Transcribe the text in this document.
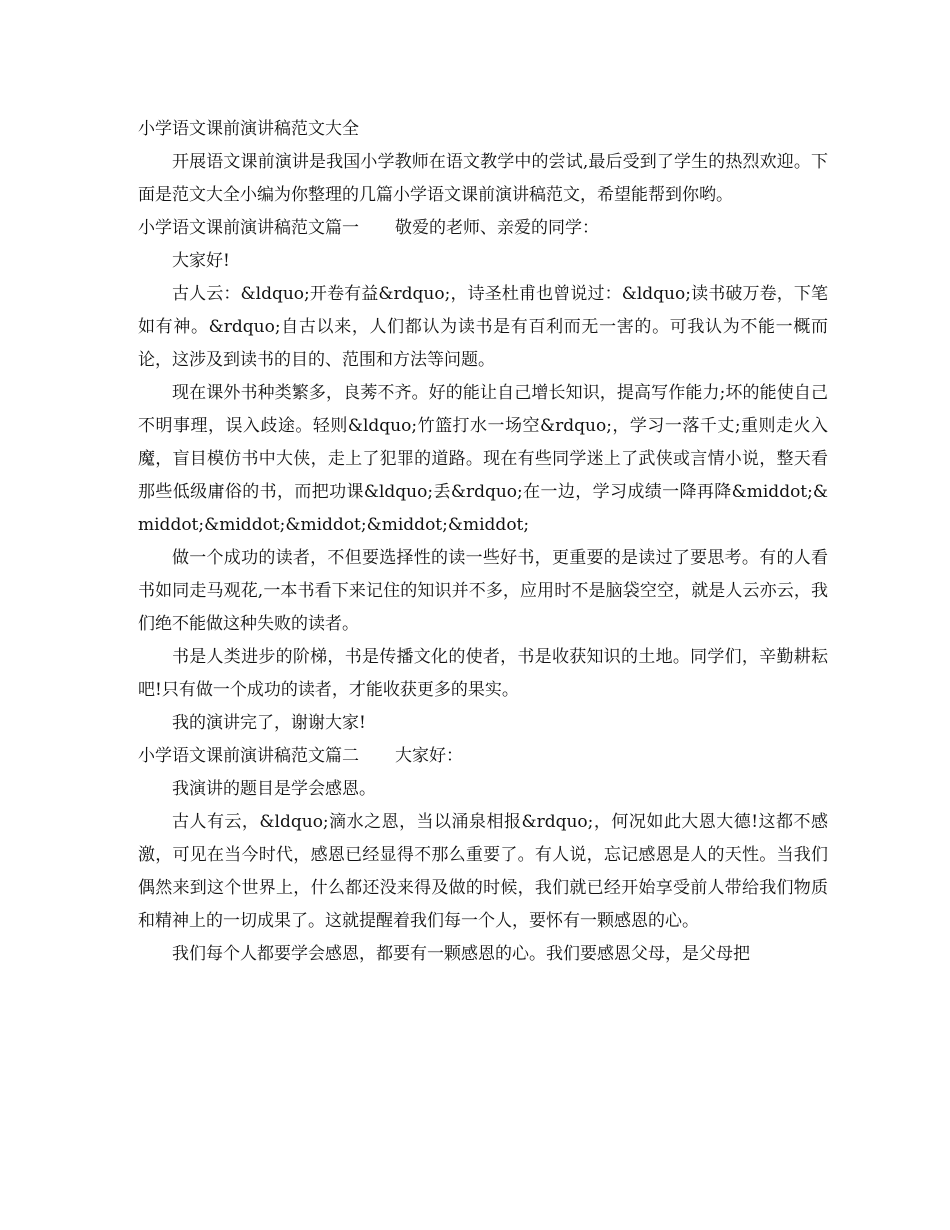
小学语文课前演讲稿范文大全

开展语文课前演讲是我国小学教师在语文教学中的尝试,最后受到了学生的热烈欢迎。下面是范文大全小编为你整理的几篇小学语文课前演讲稿范文，希望能帮到你哟。

小学语文课前演讲稿范文篇一 敬爱的老师、亲爱的同学：

大家好!

古人云：&ldquo;开卷有益&rdquo;，诗圣杜甫也曾说过：&ldquo;读书破万卷，下笔如有神。&rdquo;自古以来，人们都认为读书是有百利而无一害的。可我认为不能一概而论，这涉及到读书的目的、范围和方法等问题。

现在课外书种类繁多，良莠不齐。好的能让自己增长知识，提高写作能力;坏的能使自己不明事理，误入歧途。轻则&ldquo;竹篮打水一场空&rdquo;，学习一落千丈;重则走火入魔，盲目模仿书中大侠，走上了犯罪的道路。现在有些同学迷上了武侠或言情小说，整天看那些低级庸俗的书，而把功课&ldquo;丢&rdquo;在一边，学习成绩一降再降&middot;&middot;&middot;&middot;&middot;&middot;

做一个成功的读者，不但要选择性的读一些好书，更重要的是读过了要思考。有的人看书如同走马观花,一本书看下来记住的知识并不多，应用时不是脑袋空空，就是人云亦云，我们绝不能做这种失败的读者。

书是人类进步的阶梯，书是传播文化的使者，书是收获知识的土地。同学们，辛勤耕耘吧!只有做一个成功的读者，才能收获更多的果实。

我的演讲完了，谢谢大家!

小学语文课前演讲稿范文篇二 大家好：

我演讲的题目是学会感恩。

古人有云，&ldquo;滴水之恩，当以涌泉相报&rdquo;，何况如此大恩大德!这都不感激，可见在当今时代，感恩已经显得不那么重要了。有人说，忘记感恩是人的天性。当我们偶然来到这个世界上，什么都还没来得及做的时候，我们就已经开始享受前人带给我们物质和精神上的一切成果了。这就提醒着我们每一个人，要怀有一颗感恩的心。

我们每个人都要学会感恩，都要有一颗感恩的心。我们要感恩父母，是父母把
